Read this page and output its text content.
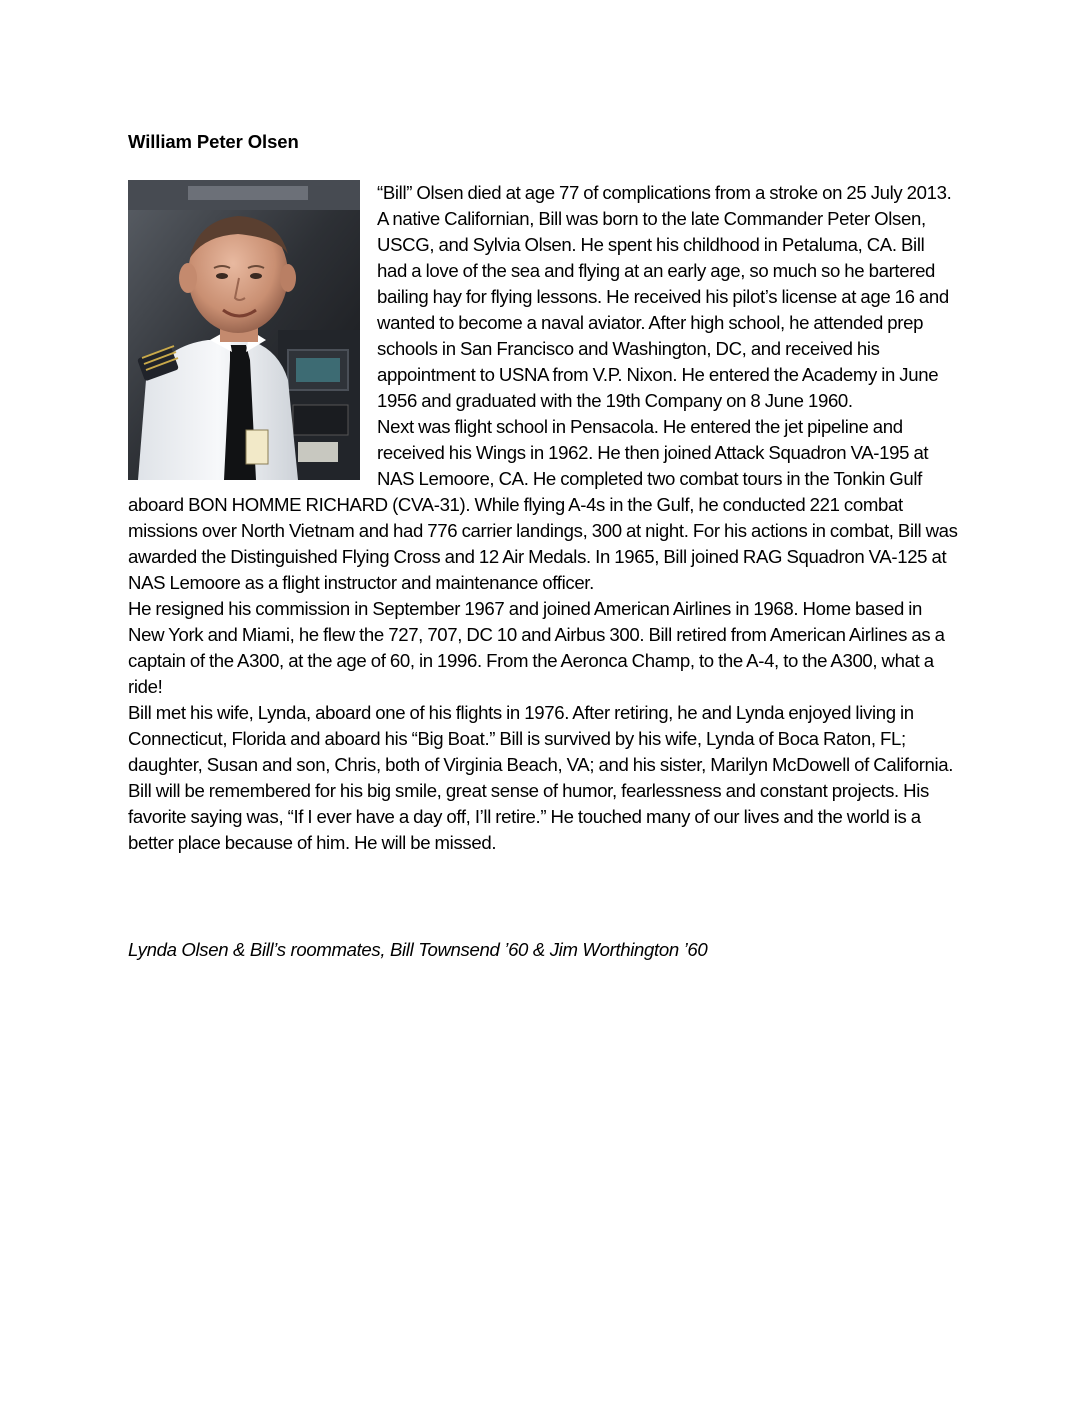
William Peter Olsen

“Bill” Olsen died at age 77 of complications from a stroke on 25 July 2013. A native Californian, Bill was born to the late Commander Peter Olsen, USCG, and Sylvia Olsen. He spent his childhood in Petaluma, CA. Bill had a love of the sea and flying at an early age, so much so he bartered bailing hay for flying lessons. He received his pilot’s license at age 16 and wanted to become a naval aviator. After high school, he attended prep schools in San Francisco and Washington, DC, and received his appointment to USNA from V.P. Nixon. He entered the Academy in June 1956 and graduated with the 19th Company on 8 June 1960.

Next was flight school in Pensacola. He entered the jet pipeline and received his Wings in 1962. He then joined Attack Squadron VA-195 at NAS Lemoore, CA. He completed two combat tours in the Tonkin Gulf aboard BON HOMME RICHARD (CVA-31). While flying A-4s in the Gulf, he conducted 221 combat missions over North Vietnam and had 776 carrier landings, 300 at night. For his actions in combat, Bill was awarded the Distinguished Flying Cross and 12 Air Medals. In 1965, Bill joined RAG Squadron VA-125 at NAS Lemoore as a flight instructor and maintenance officer.

He resigned his commission in September 1967 and joined American Airlines in 1968. Home based in New York and Miami, he flew the 727, 707, DC 10 and Airbus 300. Bill retired from American Airlines as a captain of the A300, at the age of 60, in 1996. From the Aeronca Champ, to the A-4, to the A300, what a ride!

Bill met his wife, Lynda, aboard one of his flights in 1976. After retiring, he and Lynda enjoyed living in Connecticut, Florida and aboard his “Big Boat.” Bill is survived by his wife, Lynda of Boca Raton, FL; daughter, Susan and son, Chris, both of Virginia Beach, VA; and his sister, Marilyn McDowell of California.

Bill will be remembered for his big smile, great sense of humor, fearlessness and constant projects. His favorite saying was, “If I ever have a day off, I’ll retire.” He touched many of our lives and the world is a better place because of him. He will be missed.

Lynda Olsen & Bill’s roommates, Bill Townsend ’60 & Jim Worthington ’60
